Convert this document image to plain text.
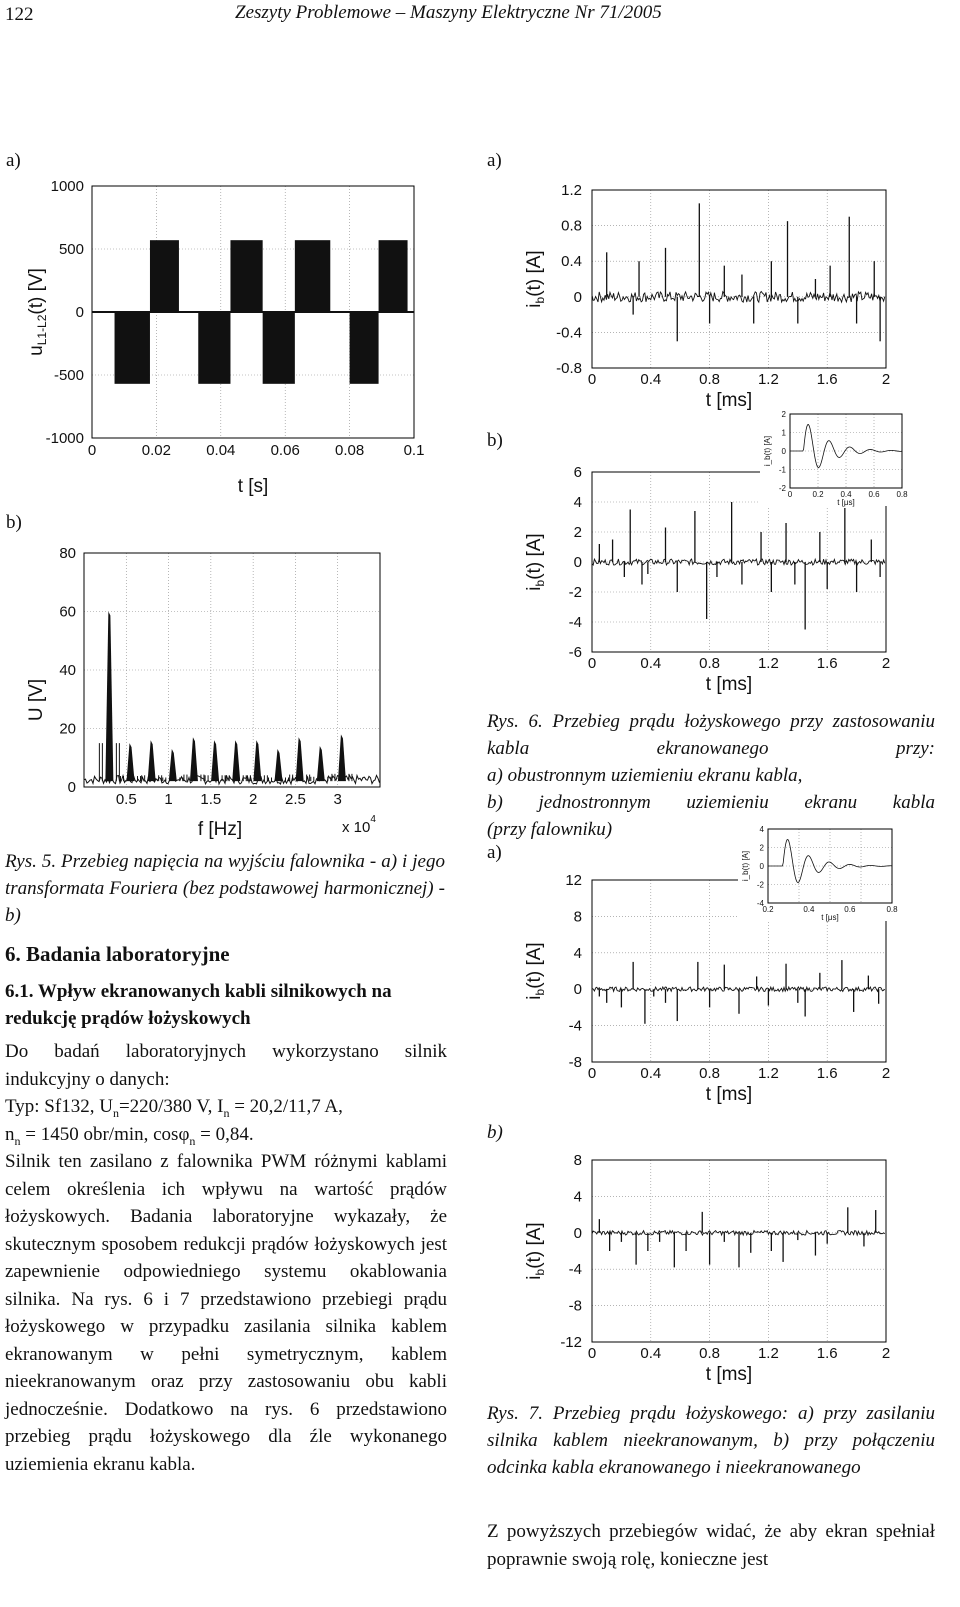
122	Zeszyty Problemowe – Maszyny Elektryczne Nr 71/2005
a)
b)
1000
500
0
-500
-1000
0	0.02 0.04 0.06 0.08	0.1
$u_{L1-L2}(t)$ [V]
t [s]
80
60
40
20
0
0.5 1 1.5 2 2.5 3
U [V]
f [Hz]	x $10^4$
1.2
0.8
0.4
0
-0.4
-0.8
0	0.4	0.8	1.2	1.6	2
$i_b(t)$ [A]
t [ms]
6
4
2
0
-2
-4
-6
0	0.4	0.8	1.2	1.6	2
$i_b(t)$ [A]
t [ms]
12
8
4
0
-4
-8
0	0.4	0.8	1.2	1.6	2
$i_b(t)$ [A]
t [ms]
8
4
0
-4
-8
-12
0	0.4	0.8	1.2	1.6	2
$i_b(t)$ [A]
t [ms]
2
1
0
-1
-2
0	0.2 0.4 0.6 0.8
i_b(t) [A]
t [μs]
4
2
0
-2
-4
0.2	0.4	0.6	0.8
i_b(t) [A]
t [μs]
Rys. 5. Przebieg napięcia na wyjściu falownika - a) i jego transformata Fouriera (bez podstawowej harmonicznej) - b)
6. Badania laboratoryjne
6.1. Wpływ ekranowanych kabli silnikowych na redukcję prądów łożyskowych

Do badań laboratoryjnych wykorzystano silnik indukcyjny o danych:

Typ: Sf132, $U_n=220/380$ V, $I_n = 20,2/11,7$ A,

$n_n = 1450$ obr/min, cosφ$_n$ = 0,84.

Silnik ten zasilano z falownika PWM różnymi kablami celem określenia ich wpływu na wartość prądów łożyskowych. Badania laboratoryjne wykazały, że skutecznym sposobem redukcji prądów łożyskowych jest zapewnienie odpowiedniego systemu okablowania silnika. Na rys. 6 i 7 przedstawiono przebiegi prądu łożyskowego w przypadku zasilania silnika kablem ekranowanym w pełni symetrycznym, kablem nieekranowanym oraz przy zastosowaniu obu kabli jednocześnie. Dodatkowo na rys. 6 przedstawiono przebieg prądu łożyskowego dla źle wykonanego uziemienia ekranu kabla.

a)
b)
Rys. 6. Przebieg prądu łożyskowego przy zastosowaniu kabla ekranowanego przy:
a) obustronnym uziemieniu ekranu kabla,
b) jednostronnym uziemieniu ekranu kabla
(przy falowniku)
a)
b)
Rys. 7. Przebieg prądu łożyskowego: a) przy zasilaniu silnika kablem nieekranowanym, b) przy połączeniu odcinka kabla ekranowanego i nieekranowanego
Z powyższych przebiegów widać, że aby ekran spełniał poprawnie swoją rolę, konieczne jest
